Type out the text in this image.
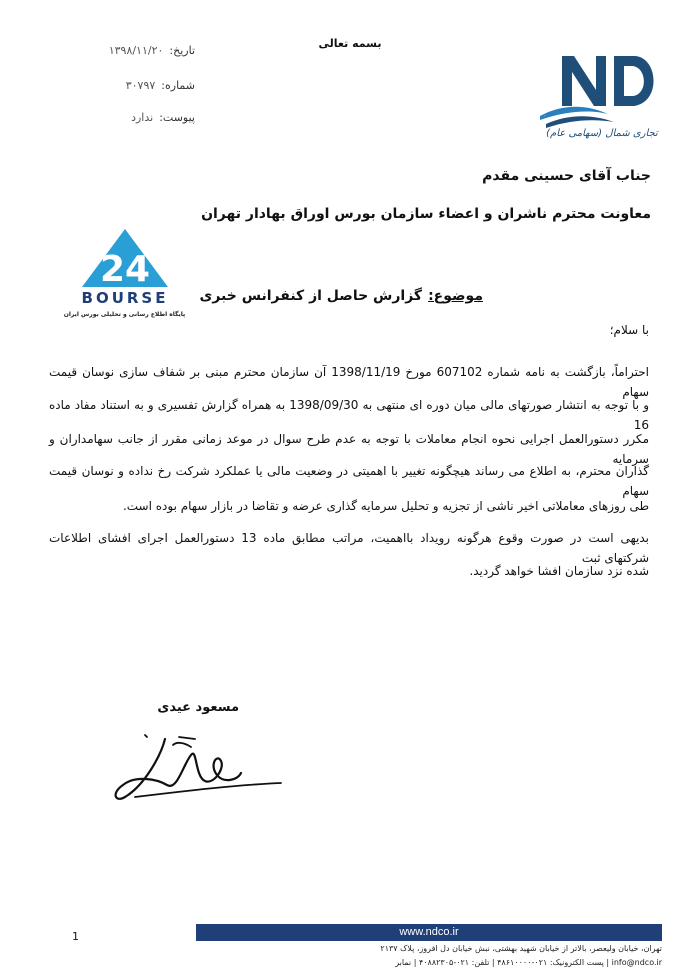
بسمه تعالی
تاریخ:۱۳۹۸/۱۱/۲۰
شماره:۳۰۷۹۷
پیوست:ندارد	ND
تجاری شمال (سهامی عام)
جناب آقای حسینی مقدم
معاونت محترم ناشران و اعضاء سازمان بورس اوراق بهادار تهران
24
BOURSE
پایگاه اطلاع رسانی و تحلیلی بورس ایران
موضوع:گزارش حاصل از کنفرانس خبری
با سلام؛
احتراماً، بازگشت به نامه شماره 607102 مورخ 1398/11/19 آن سازمان محترم مبنی بر شفاف سازی نوسان قیمت سهام
و با توجه به انتشار صورتهای مالی میان دوره ای منتهی به 1398/09/30 به همراه گزارش تفسیری و به استناد مفاد ماده 16
مکرر دستورالعمل اجرایی نحوه انجام معاملات با توجه به عدم طرح سوال در موعد زمانی مقرر از جانب سهامداران و سرمایه
گذاران محترم، به اطلاع می رساند هیچگونه تغییر با اهمیتی در وضعیت مالی یا عملکرد شرکت رخ نداده و نوسان قیمت سهام
طی روزهای معاملاتی اخیر ناشی از تجزیه و تحلیل سرمایه گذاری عرضه و تقاضا در بازار سهام بوده است.
بدیهی است در صورت وقوع هرگونه رویداد بااهمیت، مراتب مطابق ماده 13 دستورالعمل اجرای افشای اطلاعات شرکتهای ثبت
شده نزد سازمان افشا خواهد گردید.
مسعود عیدی
1	www.ndco.ir
تهران، خیابان ولیعصر، بالاتر از خیابان شهید بهشتی، نبش خیابان دل افروز، پلاک ۲۱۳۷
info@ndco.ir | پست الکترونیک: ۰۲۱-۴۸۶۱۰۰۰۰ | تلفن: ۰۲۱-۴۰۸۸۲۳۰۵ | نمابر
